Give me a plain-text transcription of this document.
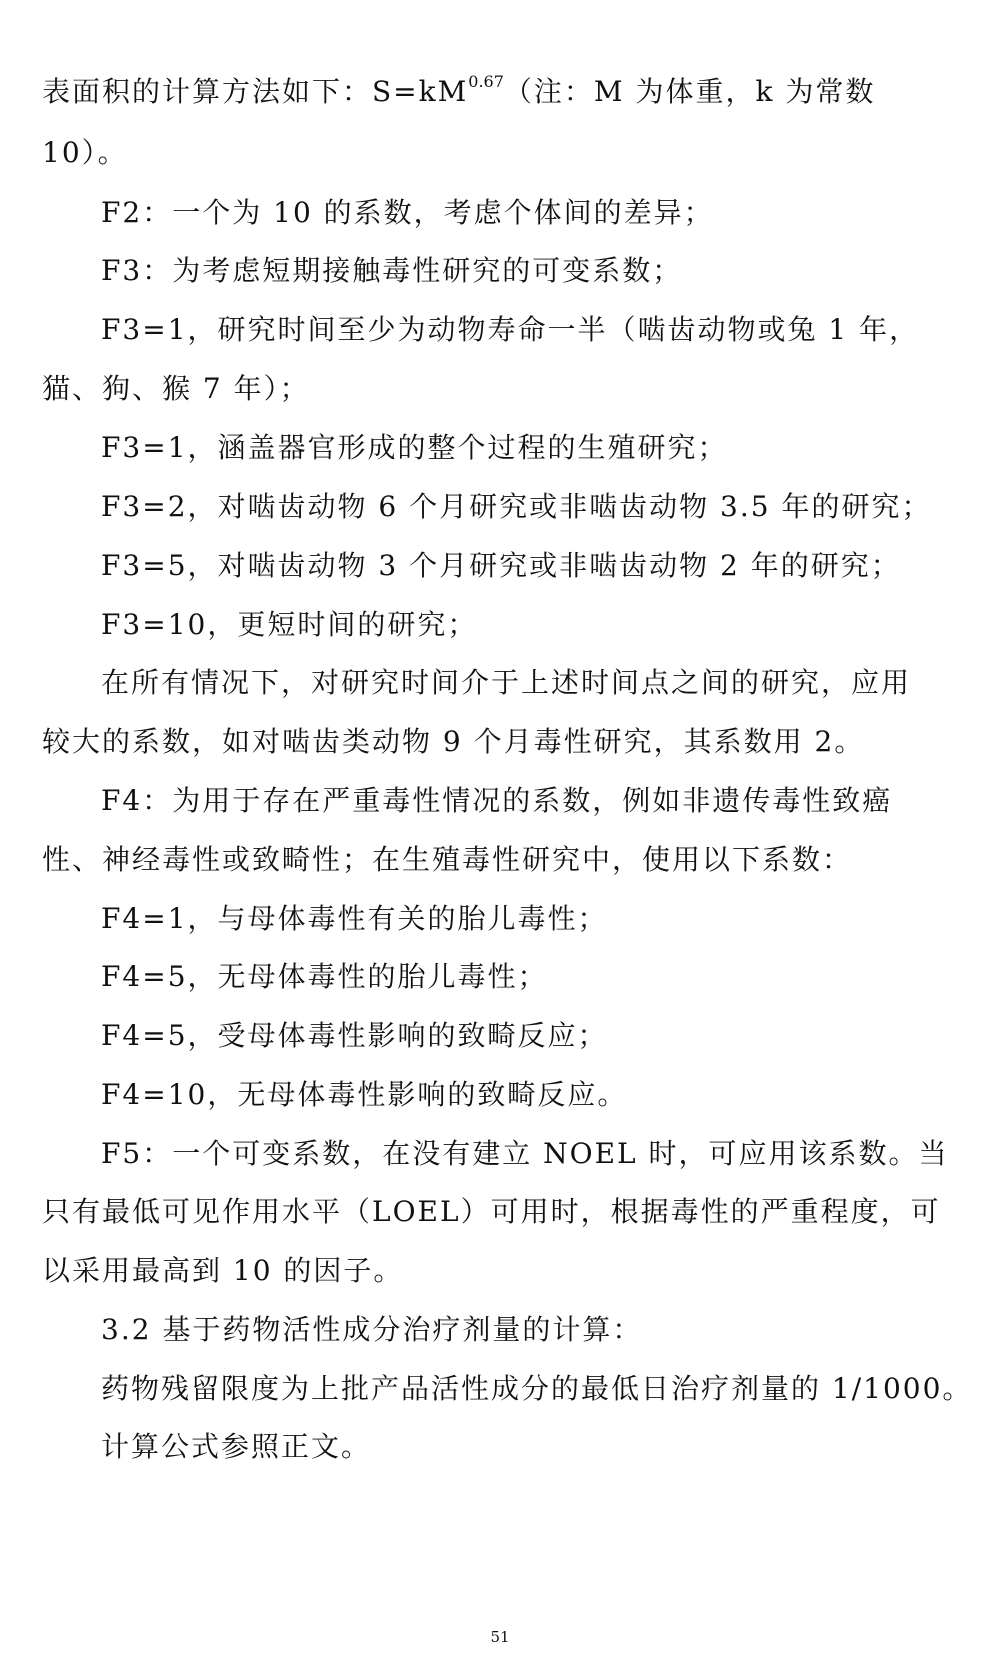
表面积的计算方法如下：$S=kM^{0.67}$（注：M 为体重，k 为常数
10）。
F2：一个为 10 的系数，考虑个体间的差异；
F3：为考虑短期接触毒性研究的可变系数；
F3=1，研究时间至少为动物寿命一半（啮齿动物或兔 1 年，
猫、狗、猴 7 年）；
F3=1，涵盖器官形成的整个过程的生殖研究；
F3=2，对啮齿动物 6 个月研究或非啮齿动物 3.5 年的研究；
F3=5，对啮齿动物 3 个月研究或非啮齿动物 2 年的研究；
F3=10，更短时间的研究；
在所有情况下，对研究时间介于上述时间点之间的研究，应用
较大的系数，如对啮齿类动物 9 个月毒性研究，其系数用 2。
F4：为用于存在严重毒性情况的系数，例如非遗传毒性致癌
性、神经毒性或致畸性；在生殖毒性研究中，使用以下系数：
F4=1，与母体毒性有关的胎儿毒性；
F4=5，无母体毒性的胎儿毒性；
F4=5，受母体毒性影响的致畸反应；
F4=10，无母体毒性影响的致畸反应。
F5：一个可变系数，在没有建立 NOEL 时，可应用该系数。当
只有最低可见作用水平（LOEL）可用时，根据毒性的严重程度，可
以采用最高到 10 的因子。
3.2 基于药物活性成分治疗剂量的计算：
药物残留限度为上批产品活性成分的最低日治疗剂量的 1/1000。
计算公式参照正文。
51
